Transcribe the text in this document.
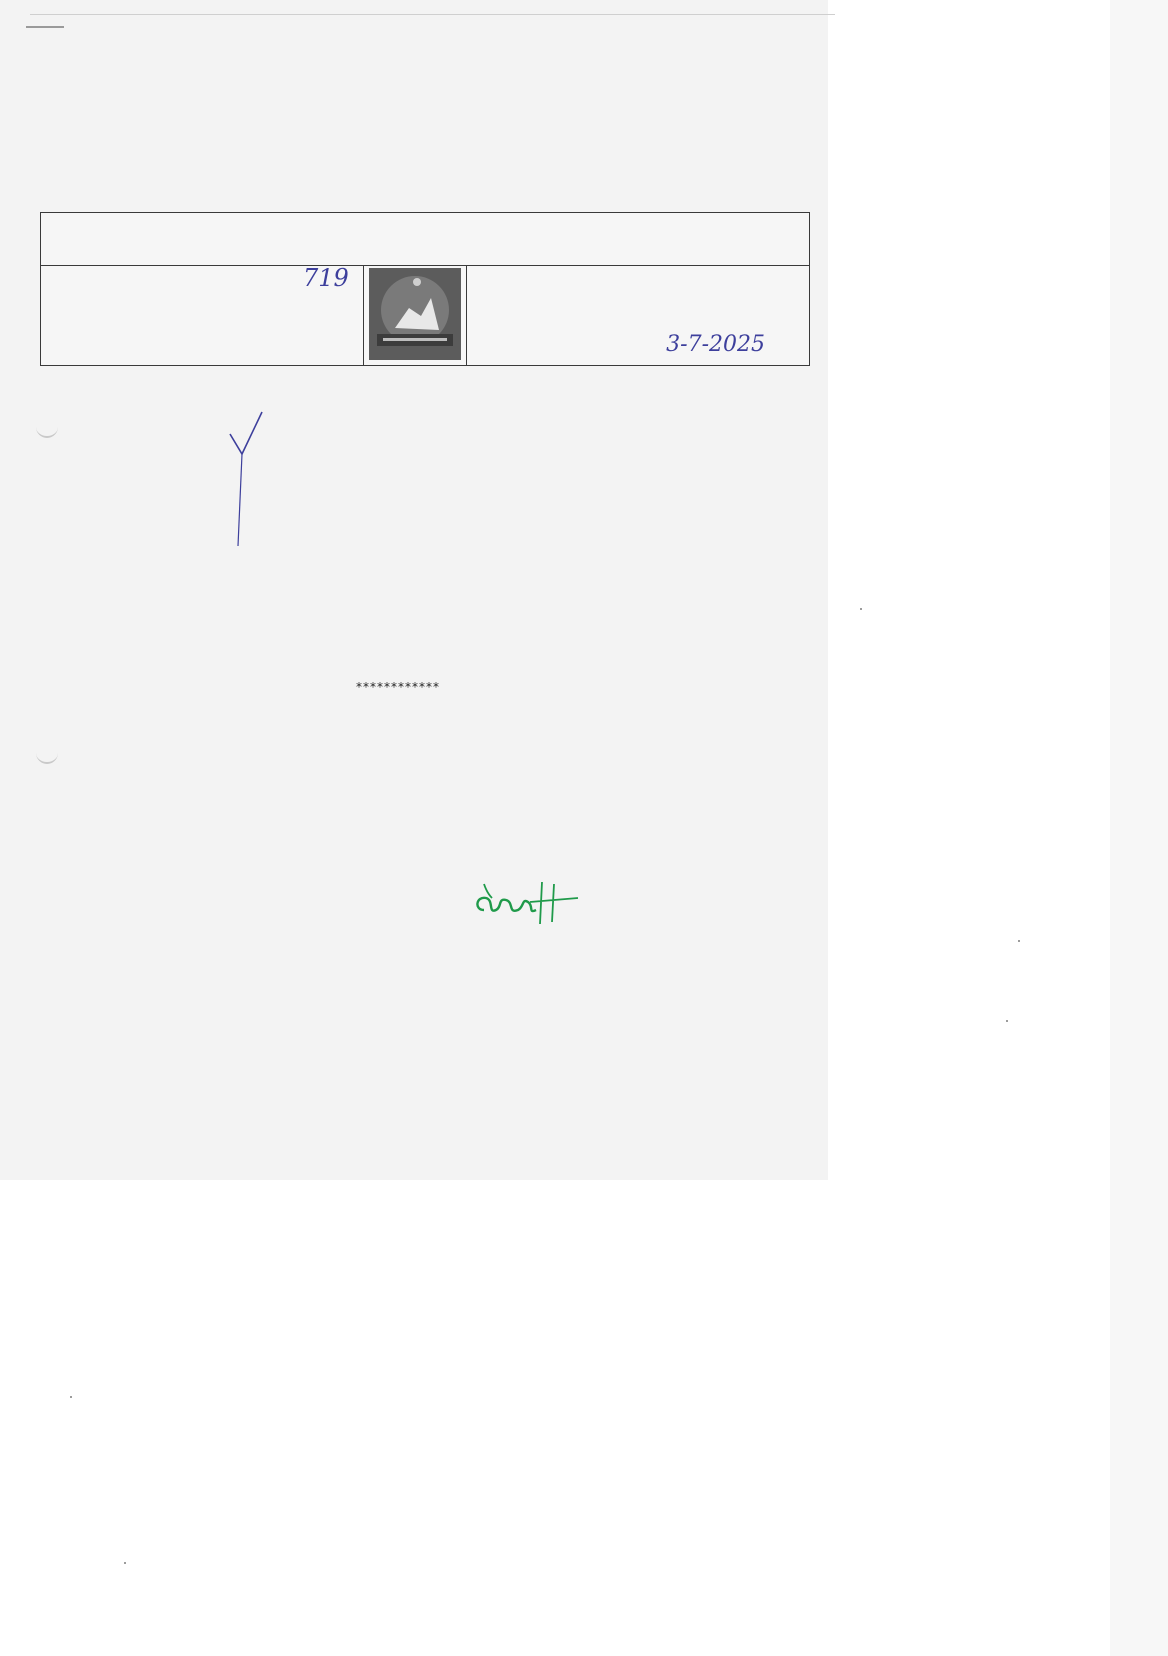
719
3-7-2025
************
